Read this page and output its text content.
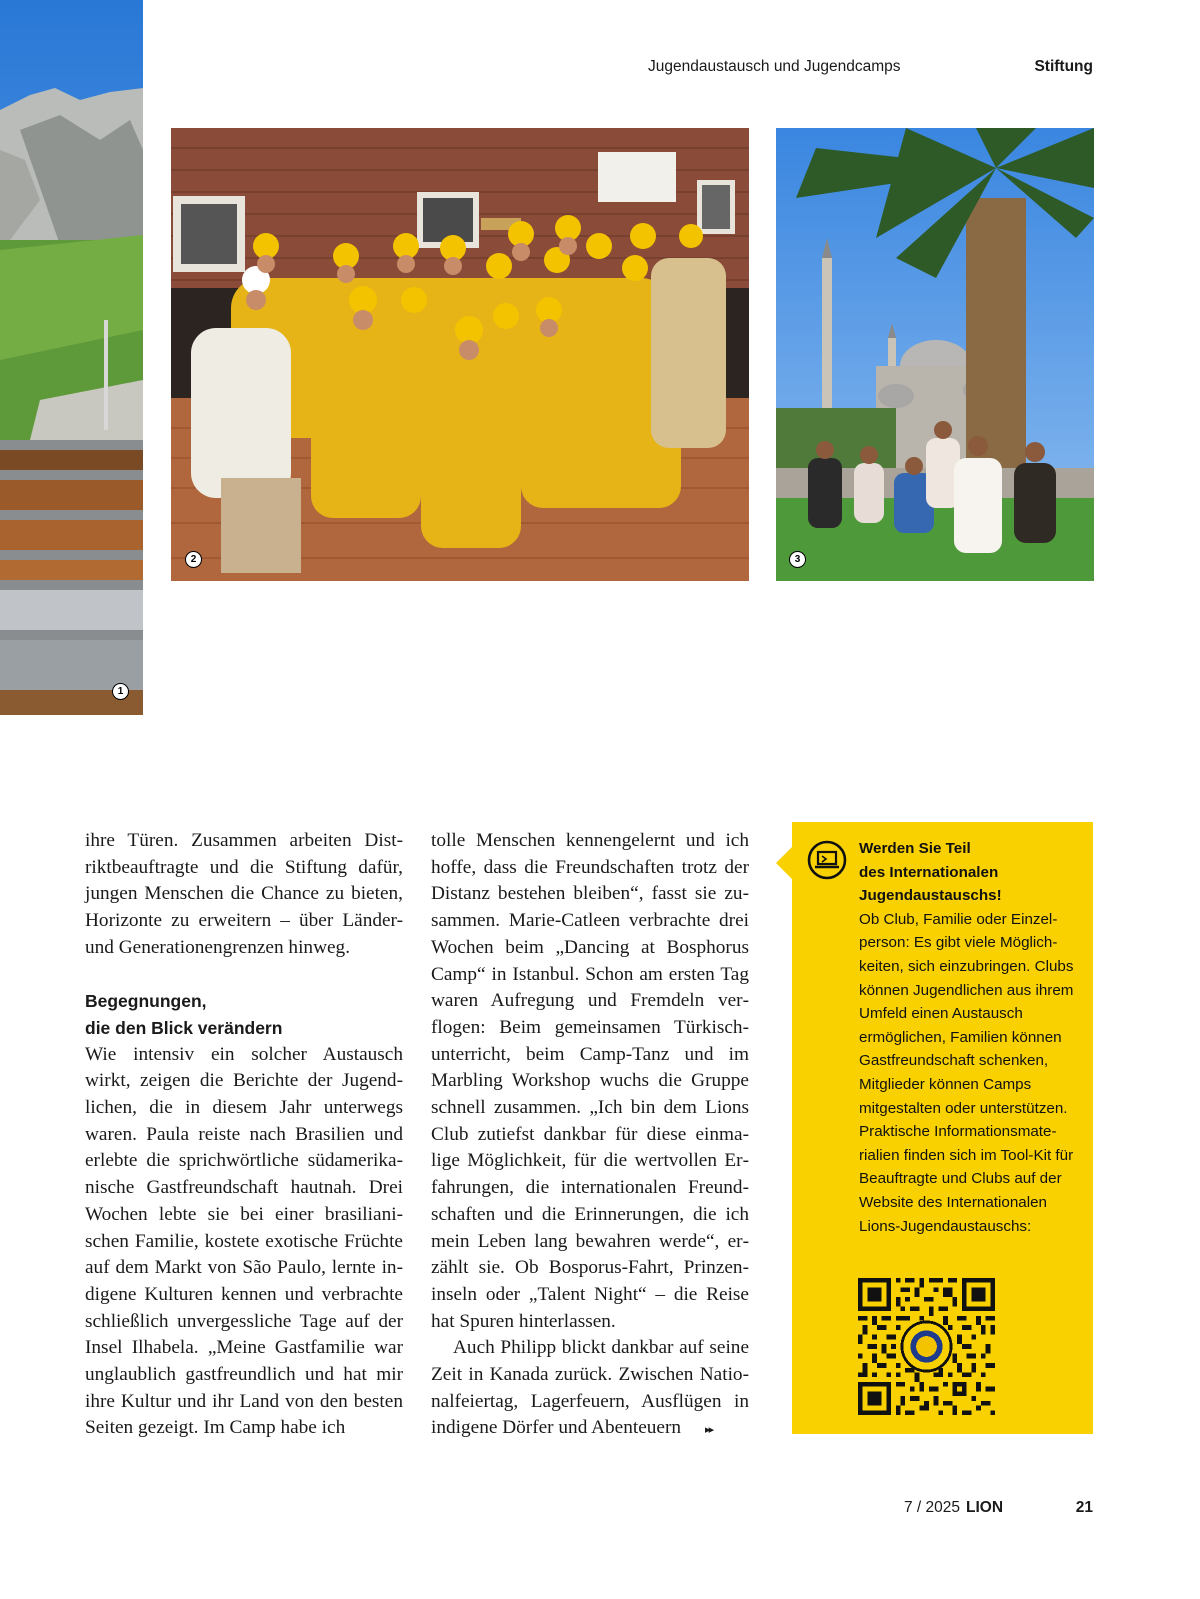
Jugendaustausch und Jugendcamps	Stiftung
1
2	3

ihre Türen. Zusammen arbeiten Distriktbeauftragte und die Stiftung dafür, jungen Menschen die Chance zu bieten, Horizonte zu erweitern – über Länder- und Generationengrenzen hinweg.

Begegnungen,
die den Blick verändern

Wie intensiv ein solcher Austausch wirkt, zeigen die Berichte der Jugendlichen, die in diesem Jahr unterwegs waren. Paula reiste nach Brasilien und erlebte die sprichwörtliche südamerikanische Gastfreundschaft hautnah. Drei Wochen lebte sie bei einer brasilianischen Familie, kostete exotische Früchte auf dem Markt von São Paulo, lernte indigene Kulturen kennen und verbrachte schließlich unvergessliche Tage auf der Insel Ilhabela. „Meine Gastfamilie war unglaublich gastfreundlich und hat mir ihre Kultur und ihr Land von den besten Seiten gezeigt. Im Camp habe ich

tolle Menschen kennengelernt und ich hoffe, dass die Freundschaften trotz der Distanz bestehen bleiben“, fasst sie zusammen. Marie-Catleen verbrachte drei Wochen beim „Dancing at Bosphorus Camp“ in Istanbul. Schon am ersten Tag waren Aufregung und Fremdeln verflogen: Beim gemeinsamen Türkischunterricht, beim Camp-Tanz und im Marbling Workshop wuchs die Gruppe schnell zusammen. „Ich bin dem Lions Club zutiefst dankbar für diese einmalige Möglichkeit, für die wertvollen Erfahrungen, die internationalen Freundschaften und die Erinnerungen, die ich mein Leben lang bewahren werde“, erzählt sie. Ob Bosporus-Fahrt, Prinzeninseln oder „Talent Night“ – die Reise hat Spuren hinterlassen.

Auch Philipp blickt dankbar auf seine Zeit in Kanada zurück. Zwischen Nationalfeiertag, Lagerfeuern, Ausflügen in indigene Dörfer und Abenteuern ▸▸

Werden Sie Teil
des Internationalen
Jugendaustauschs!
Ob Club, Familie oder Einzelperson: Es gibt viele Möglichkeiten, sich einzubringen. Clubs können Jugendlichen aus ihrem Umfeld einen Austausch ermöglichen, Familien können Gastfreundschaft schenken, Mitglieder können Camps mitgestalten oder unterstützen.
Praktische Informationsmaterialien finden sich im Tool-Kit für Beauftragte und Clubs auf der Website des Internationalen Lions-Jugendaustauschs:
7 / 2025 LION	21
